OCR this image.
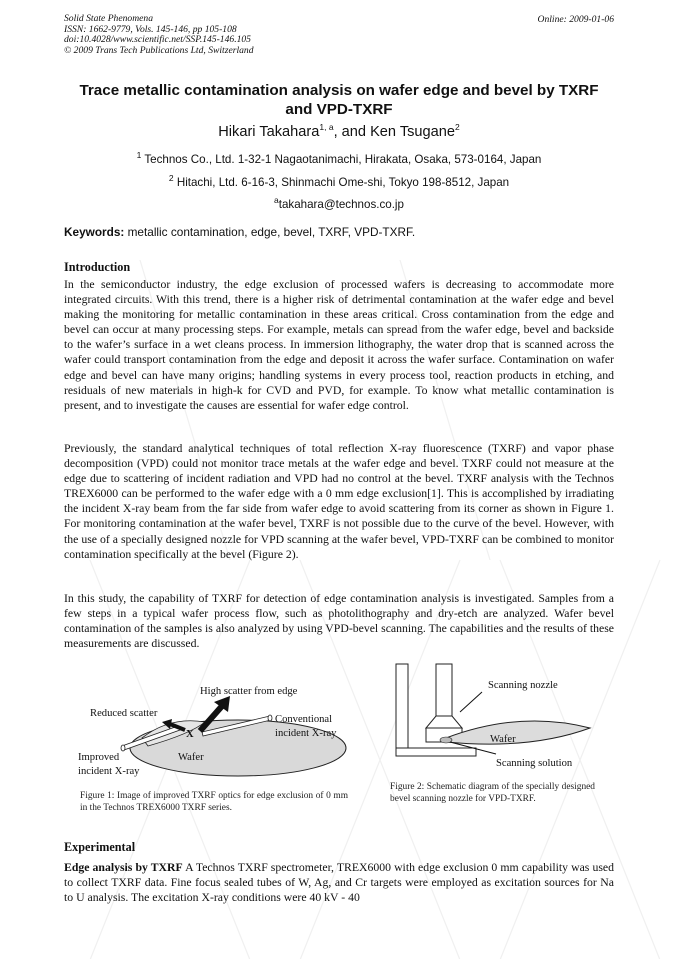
Solid State Phenomena
ISSN: 1662-9779, Vols. 145-146, pp 105-108
doi:10.4028/www.scientific.net/SSP.145-146.105
© 2009 Trans Tech Publications Ltd, Switzerland
Online: 2009-01-06
Trace metallic contamination analysis on wafer edge and bevel by TXRF
and VPD-TXRF
Hikari Takahara$^{1, a}$, and Ken Tsugane$^2$
$^1$ Technos Co., Ltd. 1-32-1 Nagaotanimachi, Hirakata, Osaka, 573-0164, Japan
$^2$ Hitachi, Ltd. 6-16-3, Shinmachi Ome-shi, Tokyo 198-8512, Japan
$^a$takahara@technos.co.jp
Keywords: metallic contamination, edge, bevel, TXRF, VPD-TXRF.
Introduction
In the semiconductor industry, the edge exclusion of processed wafers is decreasing to accommodate more integrated circuits. With this trend, there is a higher risk of detrimental contamination at the wafer edge and bevel making the monitoring for metallic contamination in these areas critical. Cross contamination from the edge and bevel can occur at many processing steps. For example, metals can spread from the wafer edge, bevel and backside to the wafer’s surface in a wet cleans process. In immersion lithography, the water drop that is scanned across the wafer could transport contamination from the edge and deposit it across the wafer surface. Contamination on wafer edge and bevel can have many origins; handling systems in every process tool, reaction products in etching, and residuals of new materials in high-k for CVD and PVD, for example. To know what metallic contamination is present, and to investigate the causes are essential for wafer edge control.
Previously, the standard analytical techniques of total reflection X-ray fluorescence (TXRF) and vapor phase decomposition (VPD) could not monitor trace metals at the wafer edge and bevel. TXRF could not measure at the edge due to scattering of incident radiation and VPD had no control at the bevel. TXRF analysis with the Technos TREX6000 can be performed to the wafer edge with a 0 mm edge exclusion[1]. This is accomplished by irradiating the incident X-ray beam from the far side from wafer edge to avoid scattering from its corner as shown in Figure 1. For monitoring contamination at the wafer bevel, TXRF is not possible due to the curve of the bevel. However, with the use of a specially designed nozzle for VPD scanning at the wafer bevel, VPD-TXRF can be combined to monitor contamination specifically at the bevel (Figure 2).
In this study, the capability of TXRF for detection of edge contamination analysis is investigated. Samples from a few steps in a typical wafer process flow, such as photolithography and dry-etch are analyzed. Wafer bevel contamination of the samples is also analyzed by using VPD-bevel scanning. The capabilities and the results of these measurements are discussed.
High scatter from edge
Reduced scatter
Conventional
incident X-ray
Improved
incident X-ray
X
Wafer
Figure 1: Image of improved TXRF optics for edge exclusion of 0 mm in the Technos TREX6000 TXRF series.
Scanning nozzle
Wafer
Scanning solution
Figure 2: Schematic diagram of the specially designed bevel scanning nozzle for VPD-TXRF.
Experimental
Edge analysis by TXRF A Technos TXRF spectrometer, TREX6000 with edge exclusion 0 mm capability was used to collect TXRF data. Fine focus sealed tubes of W, Ag, and Cr targets were employed as excitation sources for Na to U analysis. The excitation X-ray conditions were 40 kV - 40
